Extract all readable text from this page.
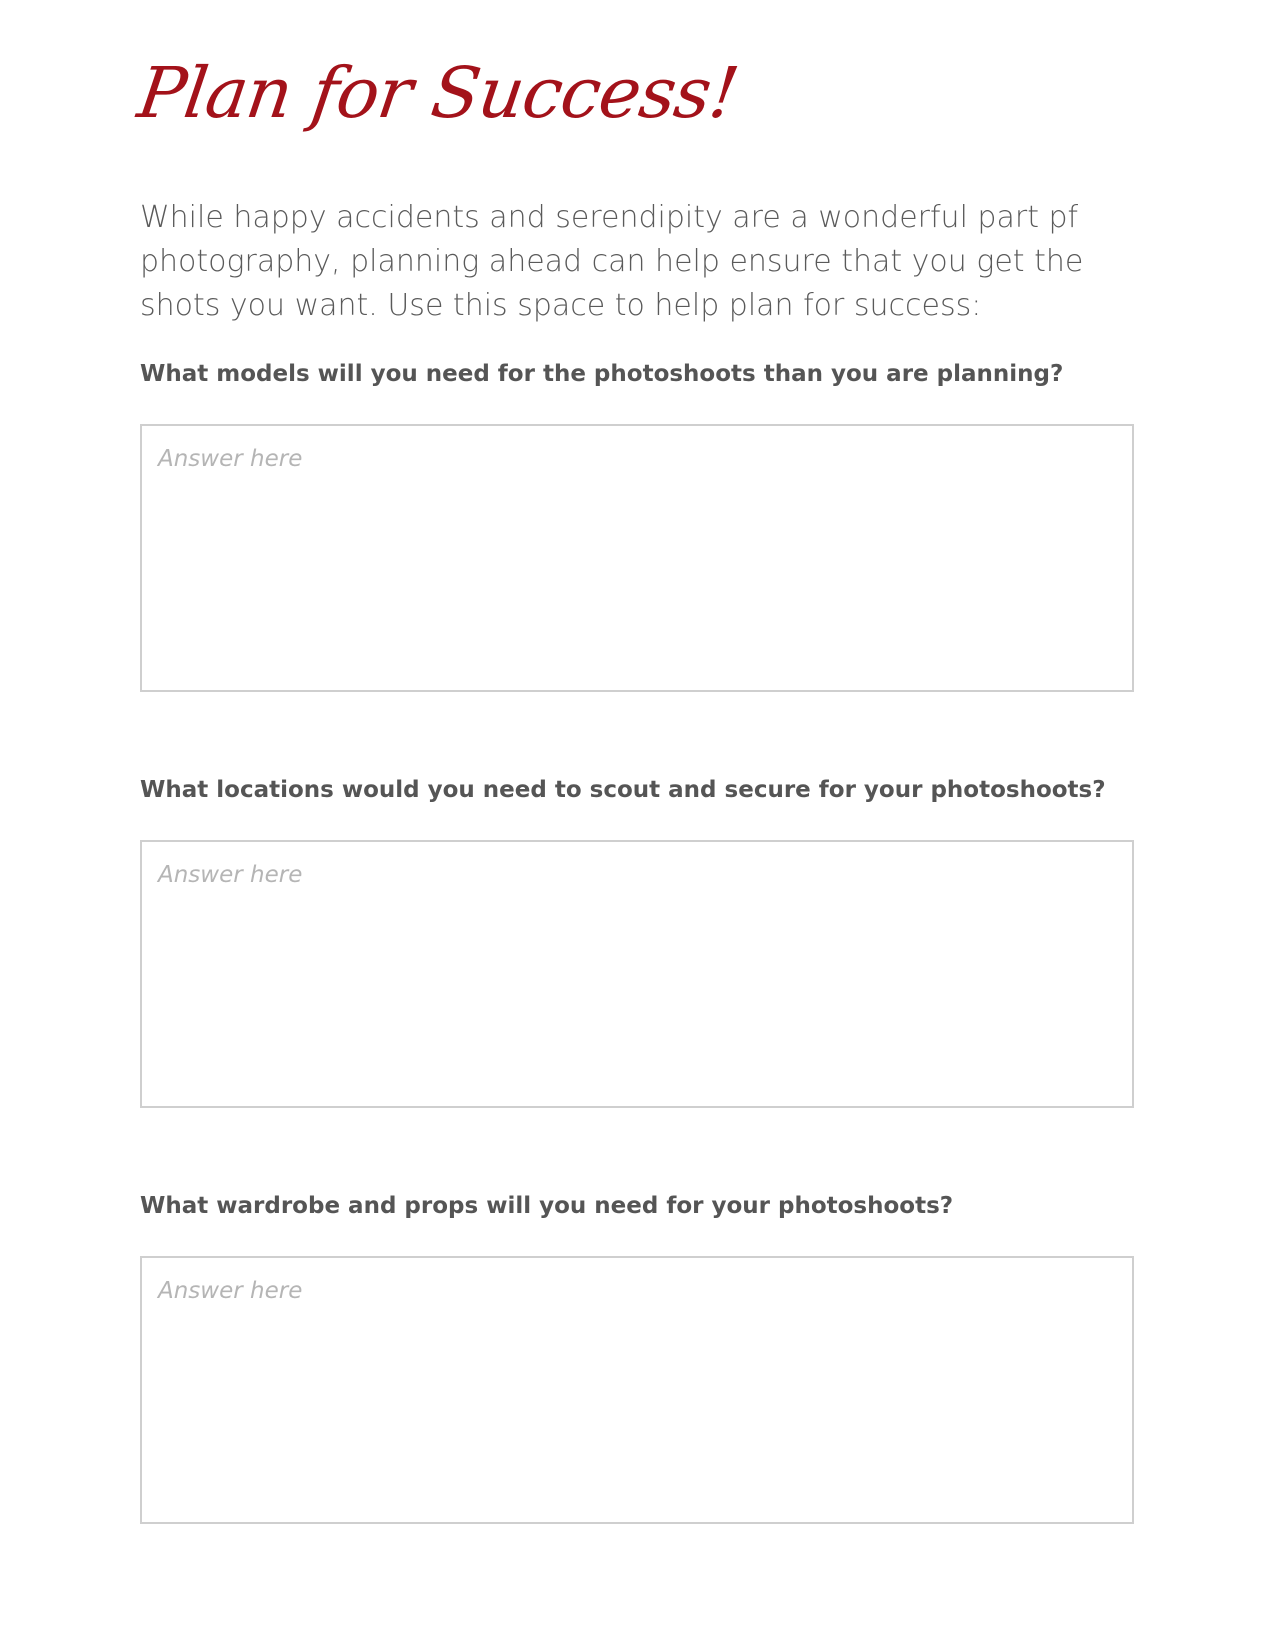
Plan for Success!

While happy accidents and serendipity are a wonderful part pf photography, planning ahead can help ensure that you get the shots you want. Use this space to help plan for success:

What models will you need for the photoshoots than you are planning?

Answer here

What locations would you need to scout and secure for your photoshoots?

Answer here

What wardrobe and props will you need for your photoshoots?

Answer here
